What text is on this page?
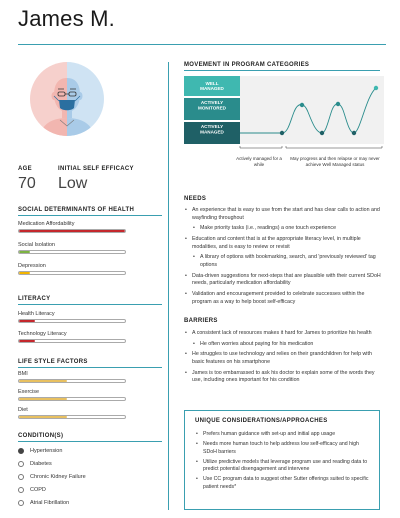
James M.
AGE
70
INITIAL SELF EFFICACY
Low
SOCIAL DETERMINANTS OF HEALTH
Medication Affordability
Social Isolation
Depression
LITERACY
Health Literacy
Technology Literacy
LIFE STYLE FACTORS
BMI
Exercise
Diet
CONDITION(S)
Hypertension
Diabetes
Chronic Kidney Failure
COPD
Atrial Fibrillation
MOVEMENT IN PROGRAM CATEGORIES
WELL MANAGED
ACTIVELY MONITORED
ACTIVELY MANAGED
Actively managed for a while
May progress and then relapse or may never achieve Well Managed status
NEEDS
• An experience that is easy to use from the start and has clear calls to action and wayfinding throughout
• Make priority tasks (i.e., readings) a one touch experience
• Education and content that is at the appropriate literacy level, in multiple modalities, and is easy to review or revisit
• A library of options with bookmarking, search, and 'previously reviewed' tag options
• Data-driven suggestions for next-steps that are plausible with their current SDoH needs, particularly medication affordability
• Validation and encouragement provided to celebrate successes within the program as a way to help boost self-efficacy
BARRIERS
• A consistent lack of resources makes it hard for James to prioritize his health
• He often worries about paying for his medication
• He struggles to use technology and relies on their grandchildren for help with basic features on his smartphone
• James is too embarrassed to ask his doctor to explain some of the words they use, including ones important for his condition
UNIQUE CONSIDERATIONS/APPROACHES
• Prefers human guidance with set-up and initial app usage
• Needs more human touch to help address low self-efficacy and high SDoH barriers
• Utilize predictive models that leverage program use and reading data to predict potential disengagement and intervene
• Use CC program data to suggest other Sutter offerings suited to specific patient needs*
